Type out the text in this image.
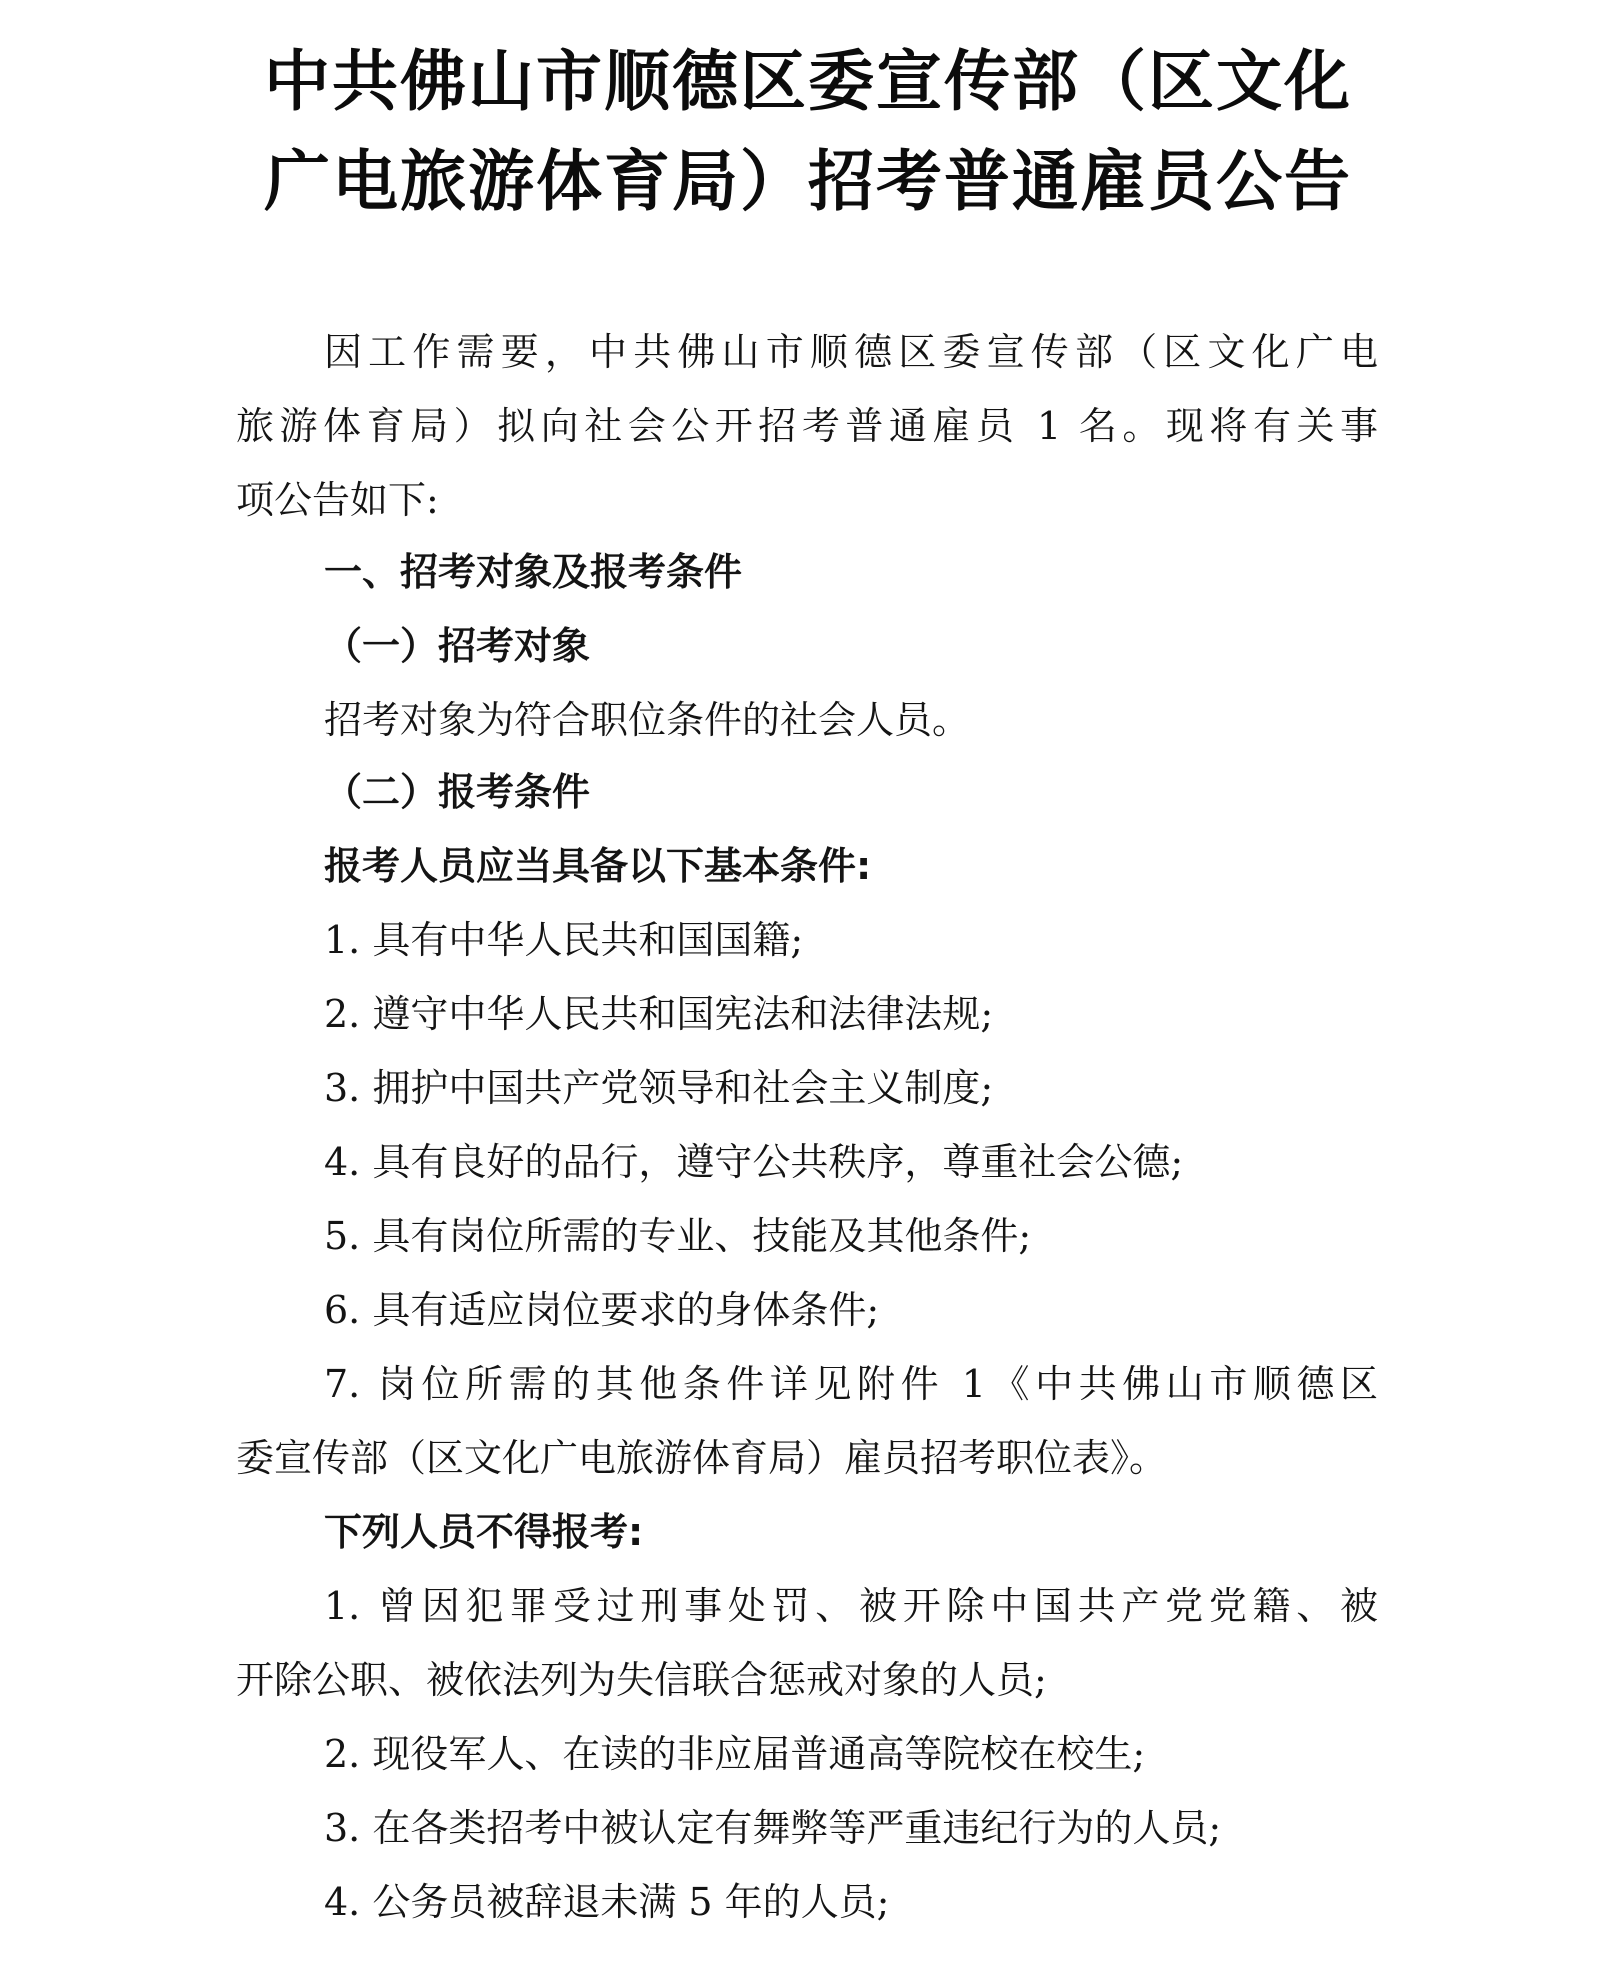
中共佛山市顺德区委宣传部（区文化
广电旅游体育局）招考普通雇员公告

因工作需要，中共佛山市顺德区委宣传部（区文化广电

旅游体育局）拟向社会公开招考普通雇员 1 名。现将有关事

项公告如下:

一、招考对象及报考条件

（一）招考对象

招考对象为符合职位条件的社会人员。

（二）报考条件

报考人员应当具备以下基本条件:

1. 具有中华人民共和国国籍;

2. 遵守中华人民共和国宪法和法律法规;

3. 拥护中国共产党领导和社会主义制度;

4. 具有良好的品行，遵守公共秩序，尊重社会公德;

5. 具有岗位所需的专业、技能及其他条件;

6. 具有适应岗位要求的身体条件;

7. 岗位所需的其他条件详见附件 1《中共佛山市顺德区

委宣传部（区文化广电旅游体育局）雇员招考职位表》。

下列人员不得报考:

1. 曾因犯罪受过刑事处罚、被开除中国共产党党籍、被

开除公职、被依法列为失信联合惩戒对象的人员;

2. 现役军人、在读的非应届普通高等院校在校生;

3. 在各类招考中被认定有舞弊等严重违纪行为的人员;

4. 公务员被辞退未满 5 年的人员;
